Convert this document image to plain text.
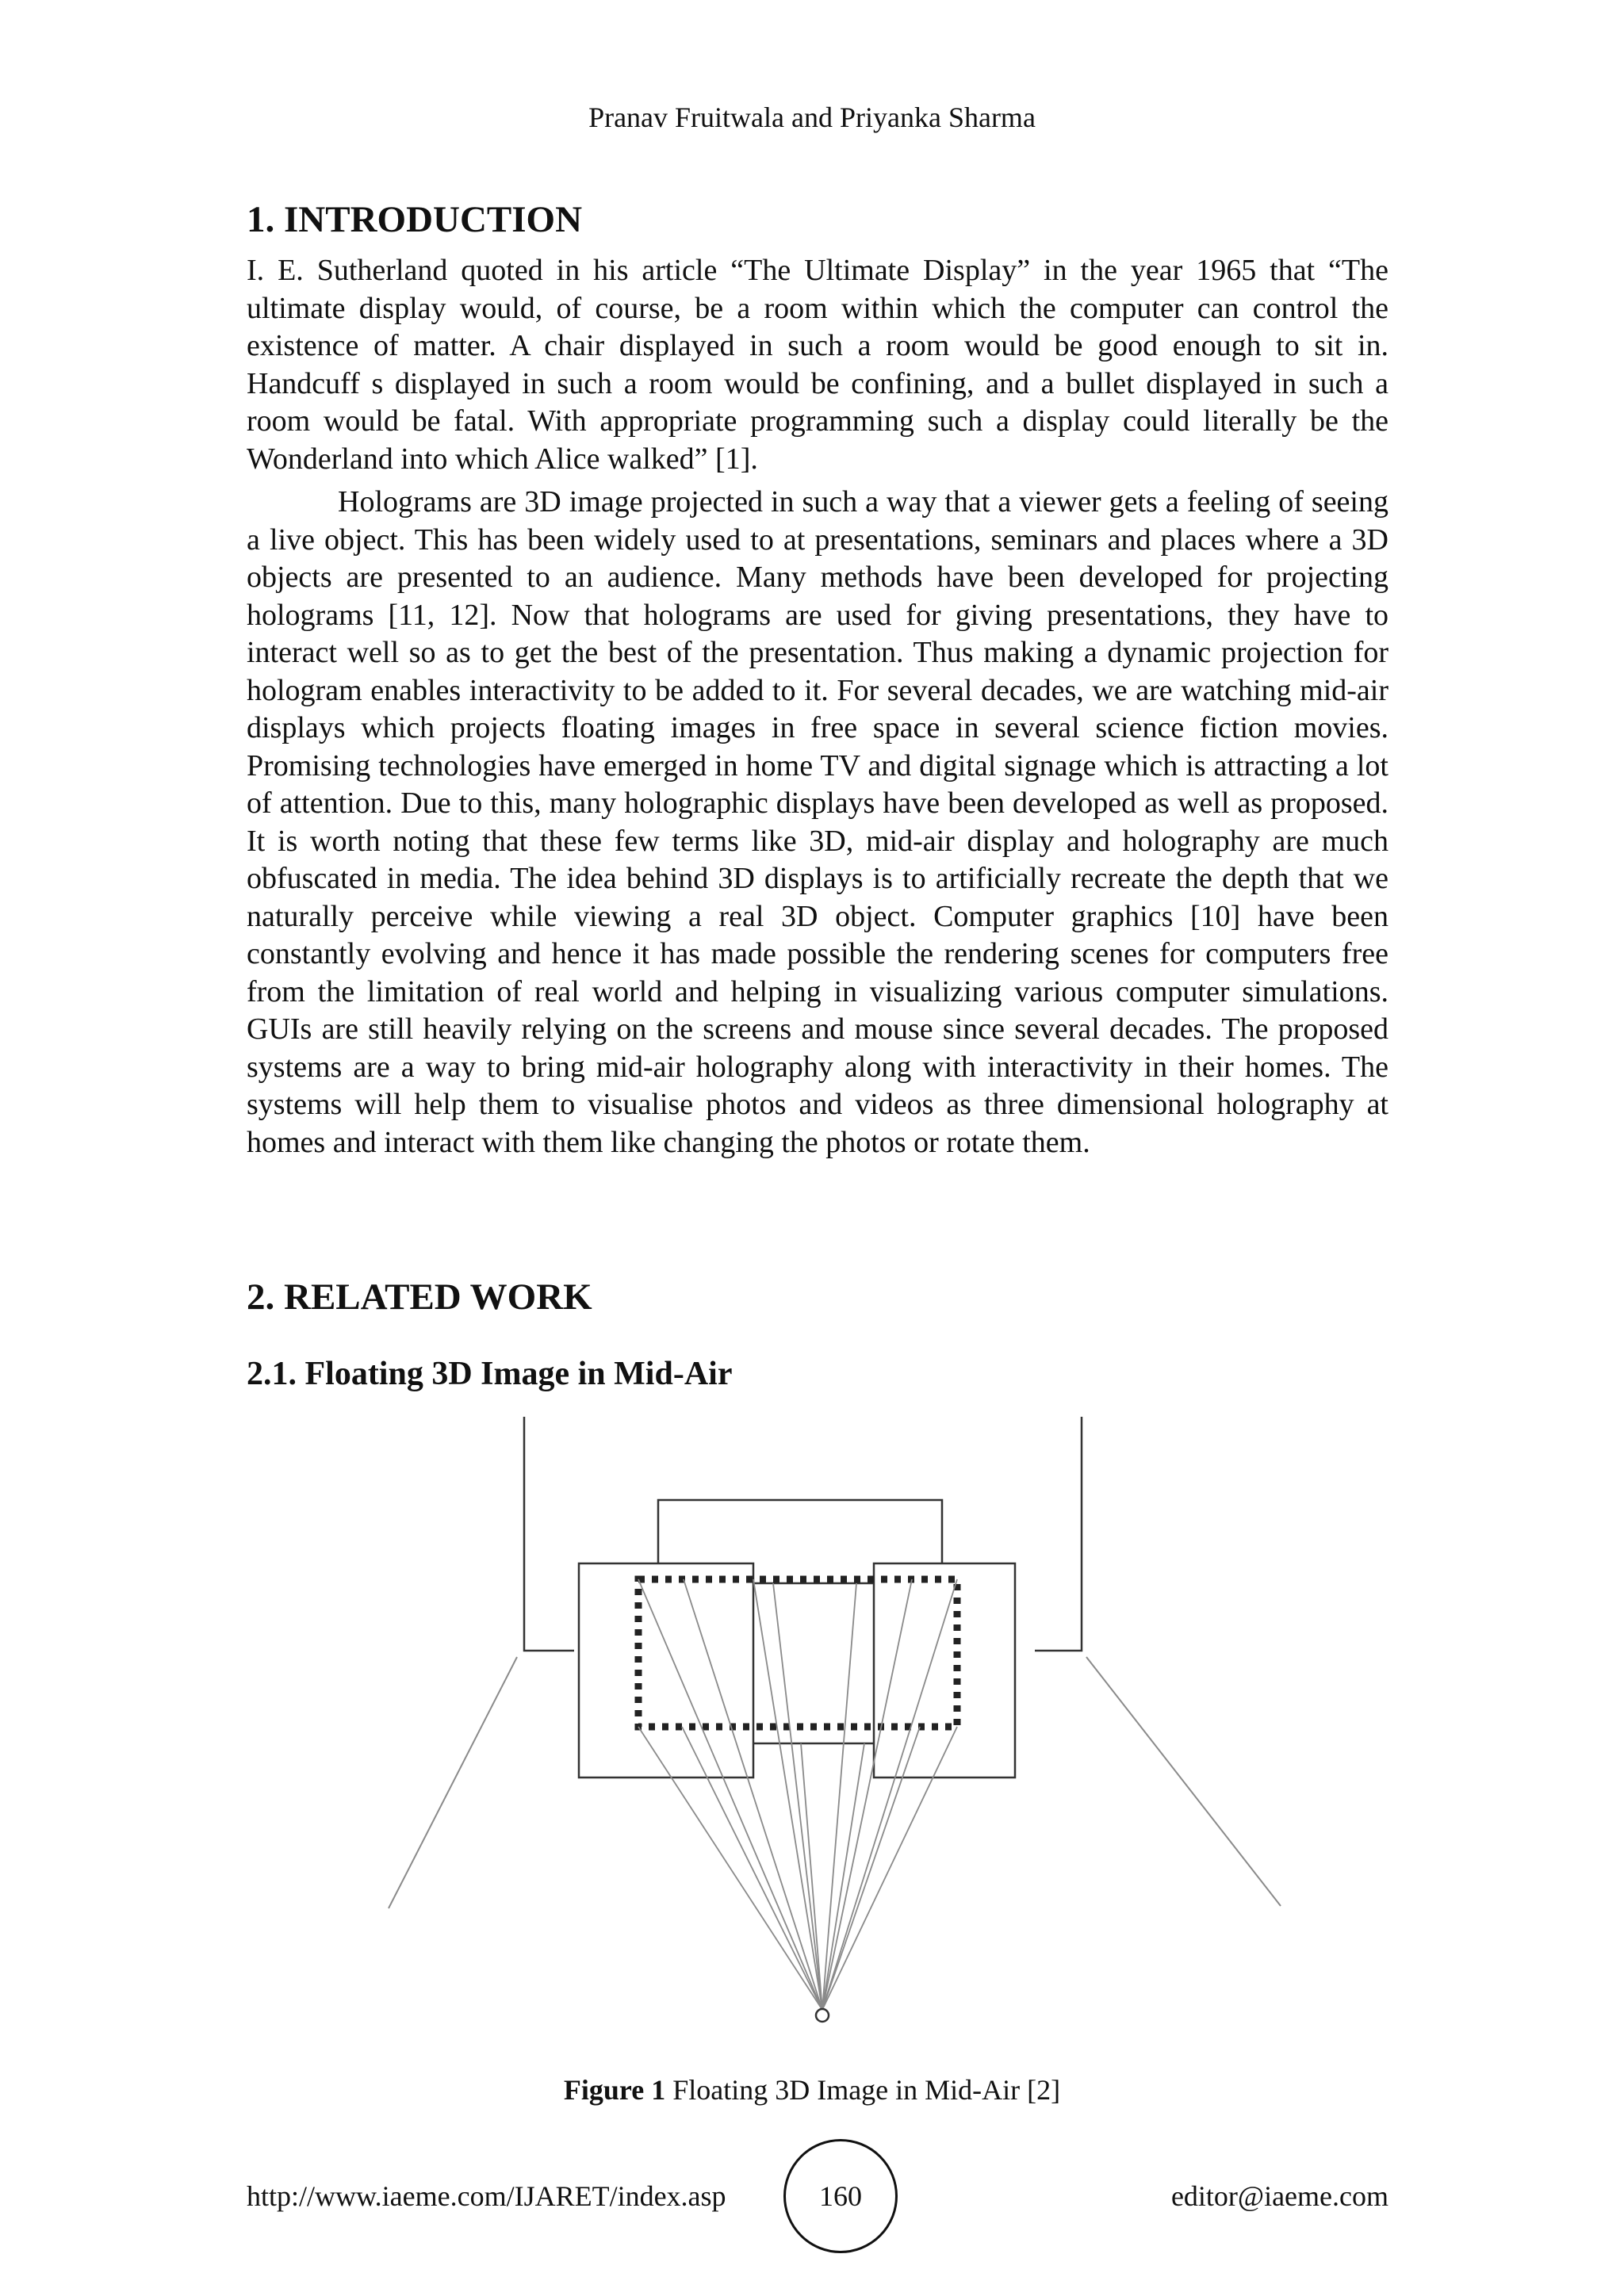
Pranav Fruitwala and Priyanka Sharma
1. INTRODUCTION

I. E. Sutherland quoted in his article “The Ultimate Display” in the year 1965 that “The ultimate display would, of course, be a room within which the computer can control the existence of matter. A chair displayed in such a room would be good enough to sit in. Handcuff s displayed in such a room would be confining, and a bullet displayed in such a room would be fatal. With appropriate programming such a display could literally be the Wonderland into which Alice walked” [1].

Holograms are 3D image projected in such a way that a viewer gets a feeling of seeing a live object. This has been widely used to at presentations, seminars and places where a 3D objects are presented to an audience. Many methods have been developed for projecting holograms [11, 12]. Now that holograms are used for giving presentations, they have to interact well so as to get the best of the presentation. Thus making a dynamic projection for hologram enables interactivity to be added to it. For several decades, we are watching mid-air displays which projects floating images in free space in several science fiction movies. Promising technologies have emerged in home TV and digital signage which is attracting a lot of attention. Due to this, many holographic displays have been developed as well as proposed. It is worth noting that these few terms like 3D, mid-air display and holography are much obfuscated in media. The idea behind 3D displays is to artificially recreate the depth that we naturally perceive while viewing a real 3D object. Computer graphics [10] have been constantly evolving and hence it has made possible the rendering scenes for computers free from the limitation of real world and helping in visualizing various computer simulations. GUIs are still heavily relying on the screens and mouse since several decades. The proposed systems are a way to bring mid-air holography along with interactivity in their homes. The systems will help them to visualise photos and videos as three dimensional holography at homes and interact with them like changing the photos or rotate them.

2. RELATED WORK
2.1. Floating 3D Image in Mid-Air
Figure 1 Floating 3D Image in Mid-Air [2]
http://www.iaeme.com/IJARET/index.asp	160	editor@iaeme.com
